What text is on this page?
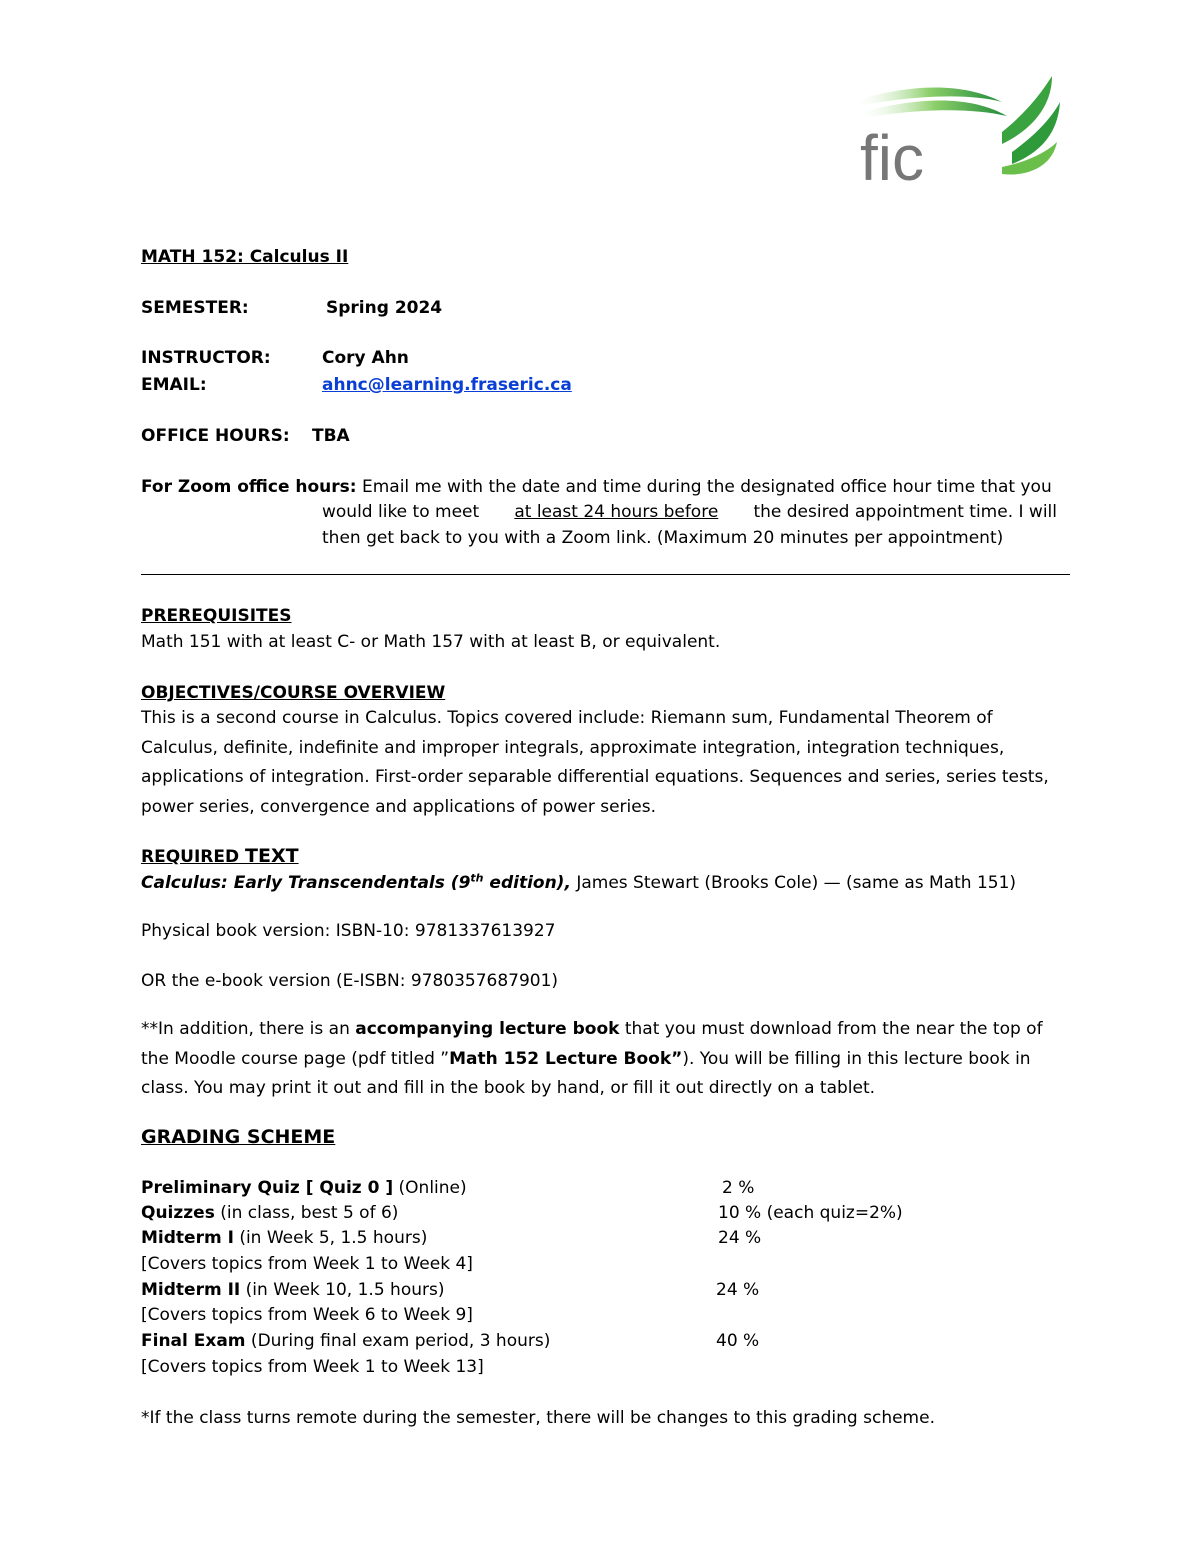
fic
MATH 152: Calculus II
SEMESTER:	Spring 2024
INSTRUCTOR:	Cory Ahn
EMAIL:	ahnc@learning.fraseric.ca
OFFICE HOURS: TBA
For Zoom office hours: Email me with the date and time during the designated office hour time that you
would like to meet at least 24 hours before the desired appointment time. I will
then get back to you with a Zoom link. (Maximum 20 minutes per appointment)
PREREQUISITES
Math 151 with at least C- or Math 157 with at least B, or equivalent.
OBJECTIVES/COURSE OVERVIEW
This is a second course in Calculus. Topics covered include: Riemann sum, Fundamental Theorem of Calculus, definite, indefinite and improper integrals, approximate integration, integration techniques, applications of integration. First-order separable differential equations. Sequences and series, series tests, power series, convergence and applications of power series.
REQUIRED TEXT
Calculus: Early Transcendentals (9th edition), James Stewart (Brooks Cole) — (same as Math 151)
Physical book version: ISBN-10: 9781337613927
OR the e-book version (E-ISBN: 9780357687901)
**In addition, there is an accompanying lecture book that you must download from the near the top of the Moodle course page (pdf titled ”Math 152 Lecture Book”). You will be filling in this lecture book in class. You may print it out and fill in the book by hand, or fill it out directly on a tablet.
GRADING SCHEME
Preliminary Quiz [ Quiz 0 ] (Online)	2 %
Quizzes (in class, best 5 of 6)	10 % (each quiz=2%)
Midterm I (in Week 5, 1.5 hours)	24 %
[Covers topics from Week 1 to Week 4]
Midterm II (in Week 10, 1.5 hours)	24 %
[Covers topics from Week 6 to Week 9]
Final Exam (During final exam period, 3 hours)	40 %
[Covers topics from Week 1 to Week 13]
*If the class turns remote during the semester, there will be changes to this grading scheme.
